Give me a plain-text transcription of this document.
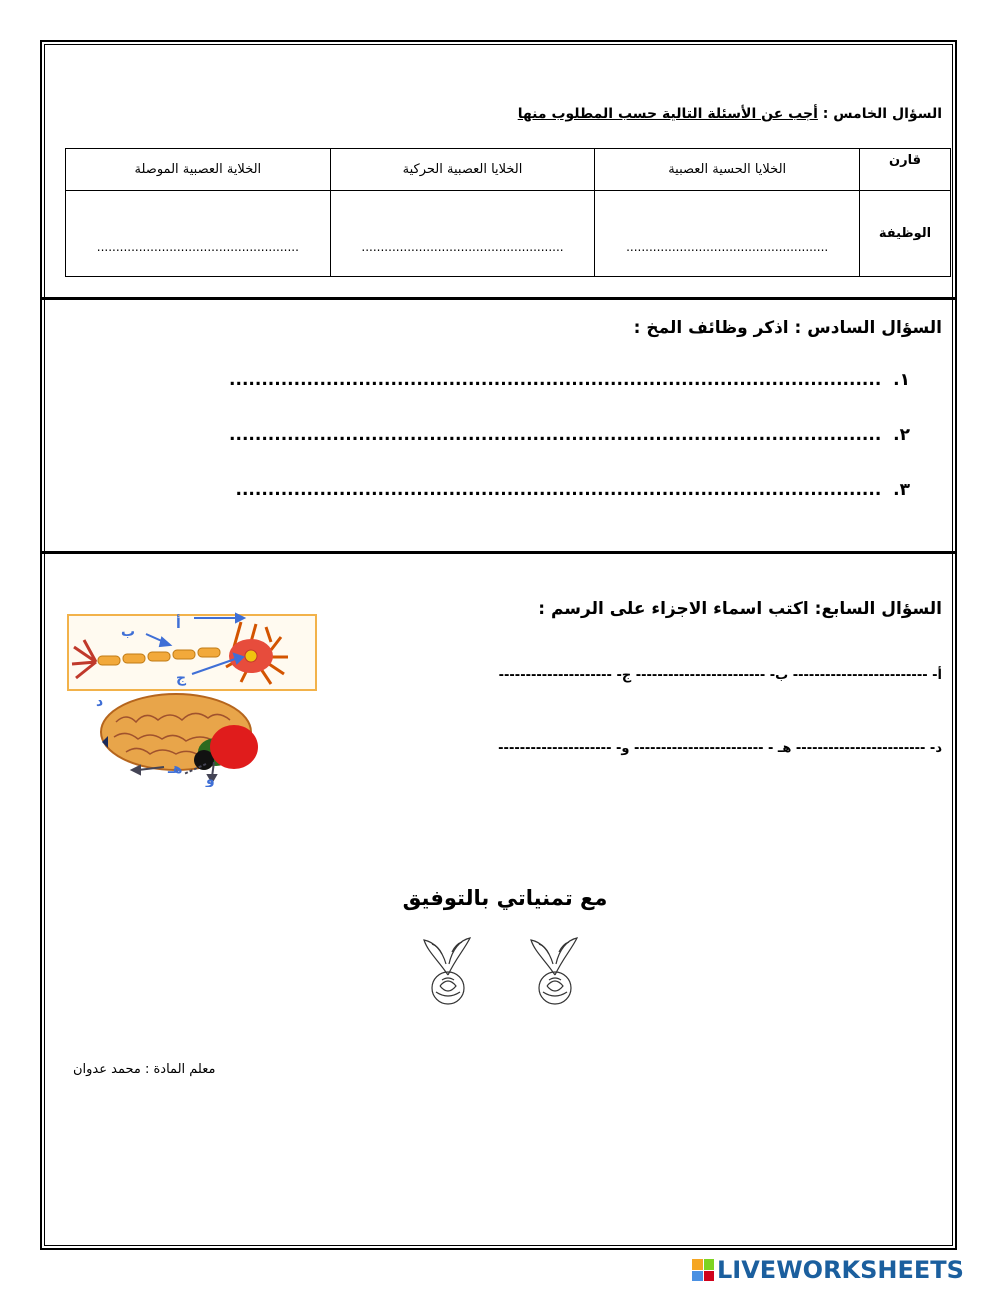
السؤال الخامس : أجب عن الأسئلة التالية حسب المطلوب منها
قارن	الخلايا الحسية العصبية	الخلايا العصبية الحركية	الخلاية العصبية الموصلة
الوظيفة	.....................................................	.....................................................	.....................................................
السؤال السادس : اذكر وظائف المخ :
١.  .....................................................................................................
٢.  .....................................................................................................
٣.  ....................................................................................................
السؤال السابع: اكتب اسماء الاجزاء على الرسم :
أ- ------------------------- ب- ------------------------ ج- ---------------------
د- ------------------------ هـ - ------------------------ و- ---------------------
أ
ب
ج
د
هـ
و
مع تمنياتي بالتوفيق
معلم المادة : محمد عدوان
LIVEWORKSHEETS
